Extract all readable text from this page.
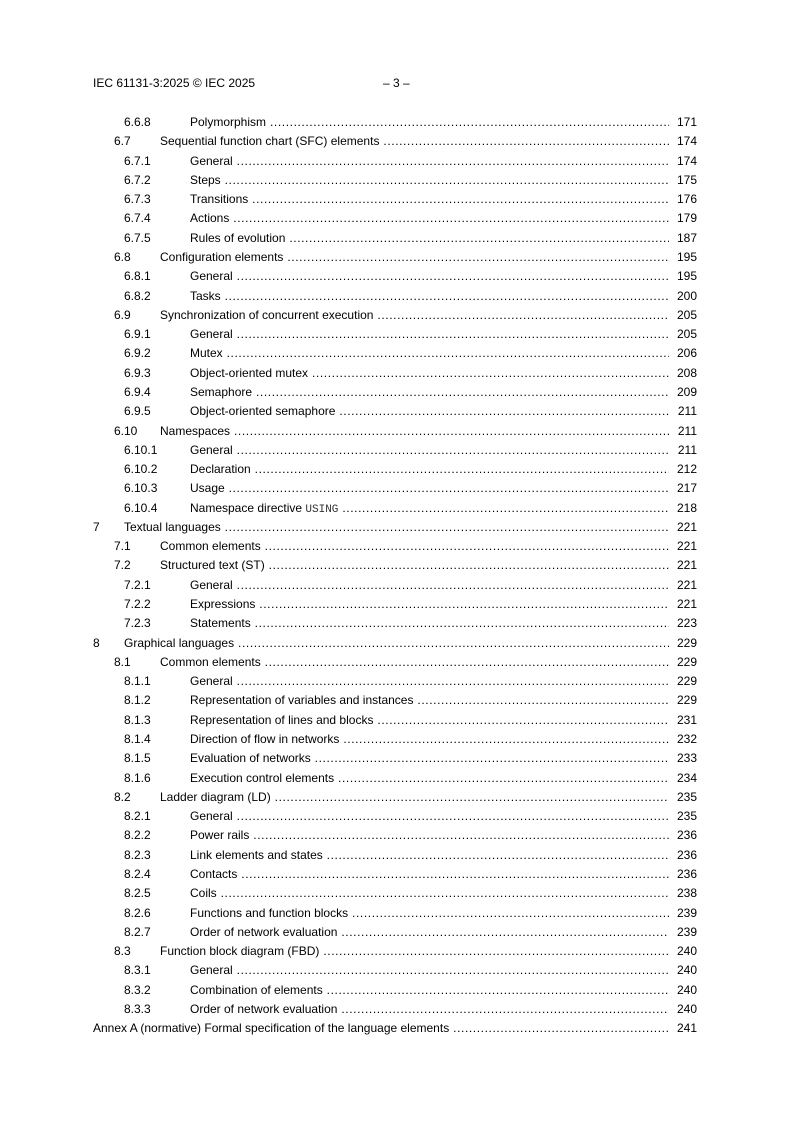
IEC 61131-3:2025 © IEC 2025	– 3 –
6.6.8	Polymorphism .....	171
6.7 Sequential function chart (SFC) elements .....	174
6.7.1	General .....	174
6.7.2	Steps .....	175
6.7.3	Transitions .....	176
6.7.4	Actions .....	179
6.7.5	Rules of evolution .....	187
6.8 Configuration elements .....	195
6.8.1	General .....	195
6.8.2	Tasks .....	200
6.9 Synchronization of concurrent execution .....	205
6.9.1	General .....	205
6.9.2	Mutex .....	206
6.9.3	Object-oriented mutex .....	208
6.9.4	Semaphore .....	209
6.9.5	Object-oriented semaphore .....	211
6.10 Namespaces .....	211
6.10.1	General .....	211
6.10.2	Declaration .....	212
6.10.3	Usage .....	217
6.10.4	Namespace directive USING .....	218
7 Textual languages .....	221
7.1 Common elements .....	221
7.2 Structured text (ST) .....	221
7.2.1	General .....	221
7.2.2	Expressions .....	221
7.2.3	Statements .....	223
8 Graphical languages .....	229
8.1 Common elements .....	229
8.1.1	General .....	229
8.1.2	Representation of variables and instances .....	229
8.1.3	Representation of lines and blocks .....	231
8.1.4	Direction of flow in networks .....	232
8.1.5	Evaluation of networks .....	233
8.1.6	Execution control elements .....	234
8.2 Ladder diagram (LD) .....	235
8.2.1	General .....	235
8.2.2	Power rails .....	236
8.2.3	Link elements and states .....	236
8.2.4	Contacts .....	236
8.2.5	Coils .....	238
8.2.6	Functions and function blocks .....	239
8.2.7	Order of network evaluation .....	239
8.3 Function block diagram (FBD) .....	240
8.3.1	General .....	240
8.3.2	Combination of elements .....	240
8.3.3	Order of network evaluation .....	240
Annex A (normative) Formal specification of the language elements .....	241
